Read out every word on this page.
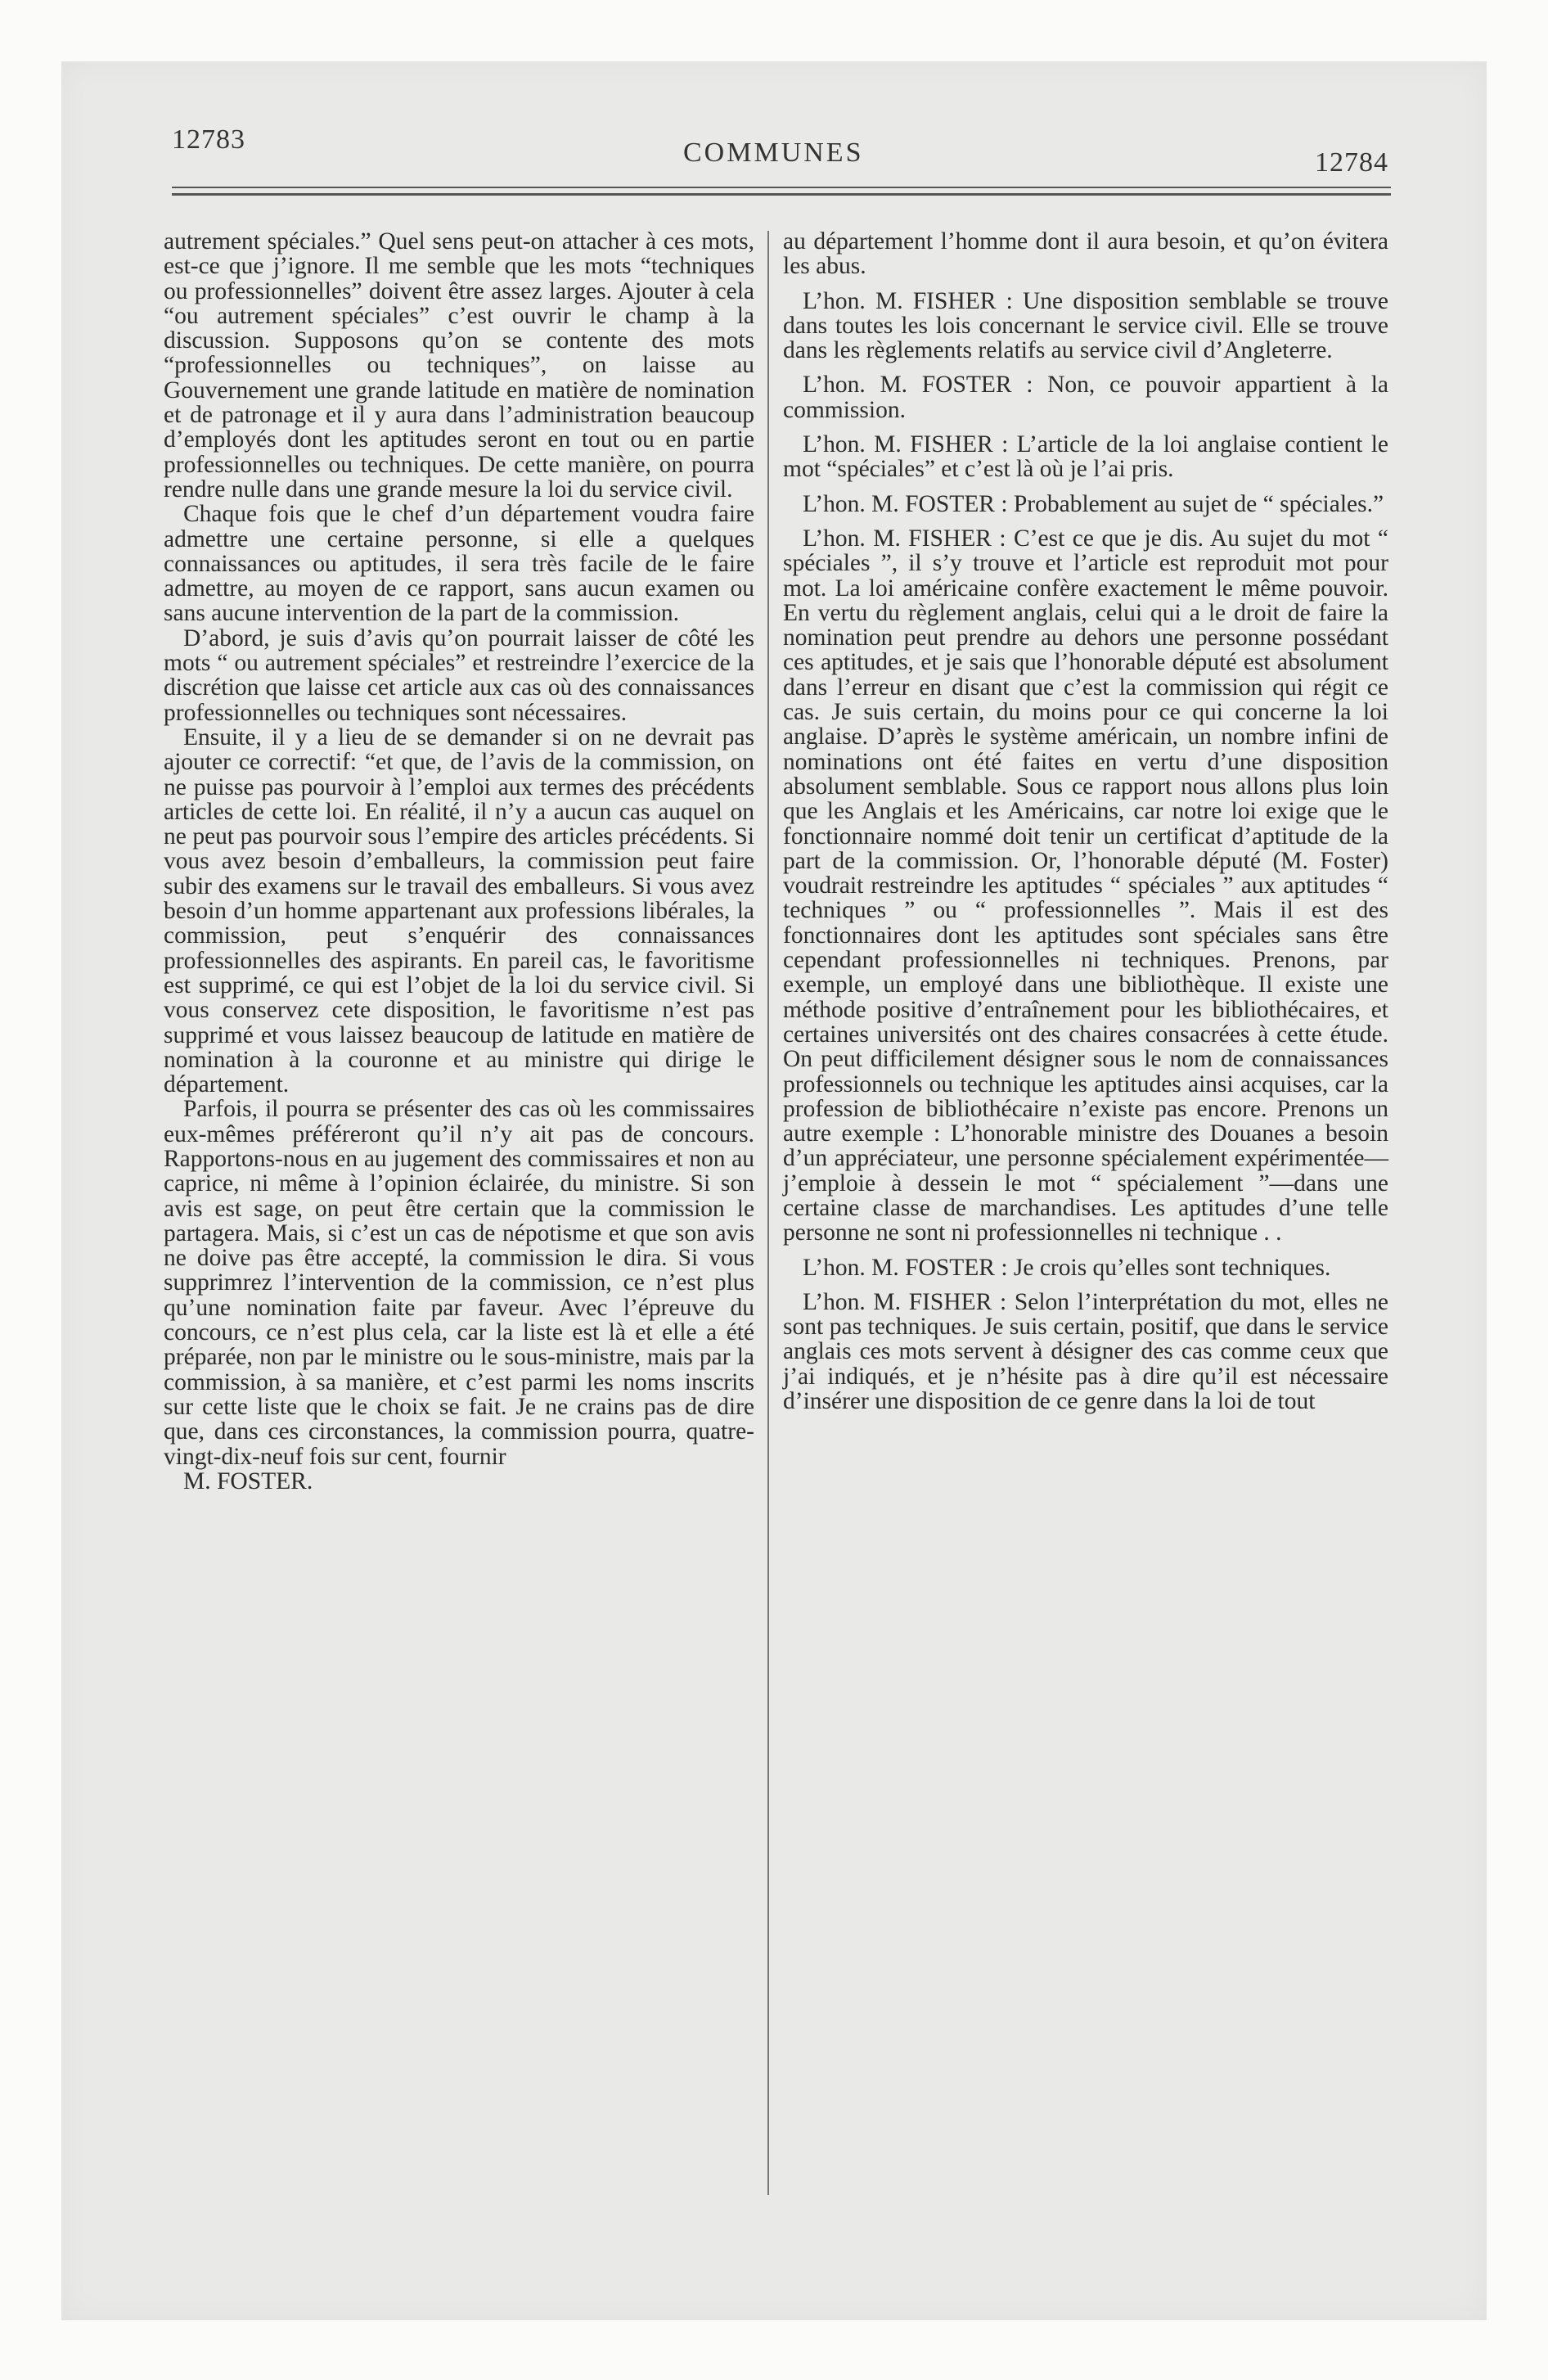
12783	COMMUNES	12784

autrement spéciales.” Quel sens peut-on attacher à ces mots, est-ce que j’ignore. Il me semble que les mots “techniques ou professionnelles” doivent être assez larges. Ajouter à cela “ou autrement spéciales” c’est ouvrir le champ à la discussion. Supposons qu’on se contente des mots “professionnelles ou techniques”, on laisse au Gouvernement une grande latitude en matière de nomination et de patronage et il y aura dans l’administration beaucoup d’employés dont les aptitudes seront en tout ou en partie professionnelles ou techniques. De cette manière, on pourra rendre nulle dans une grande mesure la loi du service civil.

Chaque fois que le chef d’un département voudra faire admettre une certaine personne, si elle a quelques connaissances ou aptitudes, il sera très facile de le faire admettre, au moyen de ce rapport, sans aucun examen ou sans aucune intervention de la part de la commission.

D’abord, je suis d’avis qu’on pourrait laisser de côté les mots “ ou autrement spéciales” et restreindre l’exercice de la discrétion que laisse cet article aux cas où des connaissances professionnelles ou techniques sont nécessaires.

Ensuite, il y a lieu de se demander si on ne devrait pas ajouter ce correctif: “et que, de l’avis de la commission, on ne puisse pas pourvoir à l’emploi aux termes des précédents articles de cette loi. En réalité, il n’y a aucun cas auquel on ne peut pas pourvoir sous l’empire des articles précédents. Si vous avez besoin d’emballeurs, la commission peut faire subir des examens sur le travail des emballeurs. Si vous avez besoin d’un homme appartenant aux professions libérales, la commission, peut s’enquérir des connaissances professionnelles des aspirants. En pareil cas, le favoritisme est supprimé, ce qui est l’objet de la loi du service civil. Si vous conservez cete disposition, le favoritisme n’est pas supprimé et vous laissez beaucoup de latitude en matière de nomination à la couronne et au ministre qui dirige le département.

Parfois, il pourra se présenter des cas où les commissaires eux-mêmes préféreront qu’il n’y ait pas de concours. Rapportons-nous en au jugement des commissaires et non au caprice, ni même à l’opinion éclairée, du ministre. Si son avis est sage, on peut être certain que la commission le partagera. Mais, si c’est un cas de népotisme et que son avis ne doive pas être accepté, la commission le dira. Si vous supprimrez l’intervention de la commission, ce n’est plus qu’une nomination faite par faveur. Avec l’épreuve du concours, ce n’est plus cela, car la liste est là et elle a été préparée, non par le ministre ou le sous-ministre, mais par la commission, à sa manière, et c’est parmi les noms inscrits sur cette liste que le choix se fait. Je ne crains pas de dire que, dans ces circonstances, la commission pourra, quatre-vingt-dix-neuf fois sur cent, fournir

M. FOSTER.

au département l’homme dont il aura besoin, et qu’on évitera les abus.

L’hon. M. FISHER : Une disposition semblable se trouve dans toutes les lois concernant le service civil. Elle se trouve dans les règlements relatifs au service civil d’Angleterre.

L’hon. M. FOSTER : Non, ce pouvoir appartient à la commission.

L’hon. M. FISHER : L’article de la loi anglaise contient le mot “spéciales” et c’est là où je l’ai pris.

L’hon. M. FOSTER : Probablement au sujet de “ spéciales.”

L’hon. M. FISHER : C’est ce que je dis. Au sujet du mot “ spéciales ”, il s’y trouve et l’article est reproduit mot pour mot. La loi américaine confère exactement le même pouvoir. En vertu du règlement anglais, celui qui a le droit de faire la nomination peut prendre au dehors une personne possédant ces aptitudes, et je sais que l’honorable député est absolument dans l’erreur en disant que c’est la commission qui régit ce cas. Je suis certain, du moins pour ce qui concerne la loi anglaise. D’après le système américain, un nombre infini de nominations ont été faites en vertu d’une disposition absolument semblable. Sous ce rapport nous allons plus loin que les Anglais et les Américains, car notre loi exige que le fonctionnaire nommé doit tenir un certificat d’aptitude de la part de la commission. Or, l’honorable député (M. Foster) voudrait restreindre les aptitudes “ spéciales ” aux aptitudes “ techniques ” ou “ professionnelles ”. Mais il est des fonctionnaires dont les aptitudes sont spéciales sans être cependant professionnelles ni techniques. Prenons, par exemple, un employé dans une bibliothèque. Il existe une méthode positive d’entraînement pour les bibliothécaires, et certaines universités ont des chaires consacrées à cette étude. On peut difficilement désigner sous le nom de connaissances professionnels ou technique les aptitudes ainsi acquises, car la profession de bibliothécaire n’existe pas encore. Prenons un autre exemple : L’honorable ministre des Douanes a besoin d’un appréciateur, une personne spécialement expérimentée—j’emploie à dessein le mot “ spécialement ”—dans une certaine classe de marchandises. Les aptitudes d’une telle personne ne sont ni professionnelles ni technique . .

L’hon. M. FOSTER : Je crois qu’elles sont techniques.

L’hon. M. FISHER : Selon l’interprétation du mot, elles ne sont pas techniques. Je suis certain, positif, que dans le service anglais ces mots servent à désigner des cas comme ceux que j’ai indiqués, et je n’hésite pas à dire qu’il est nécessaire d’insérer une disposition de ce genre dans la loi de tout
